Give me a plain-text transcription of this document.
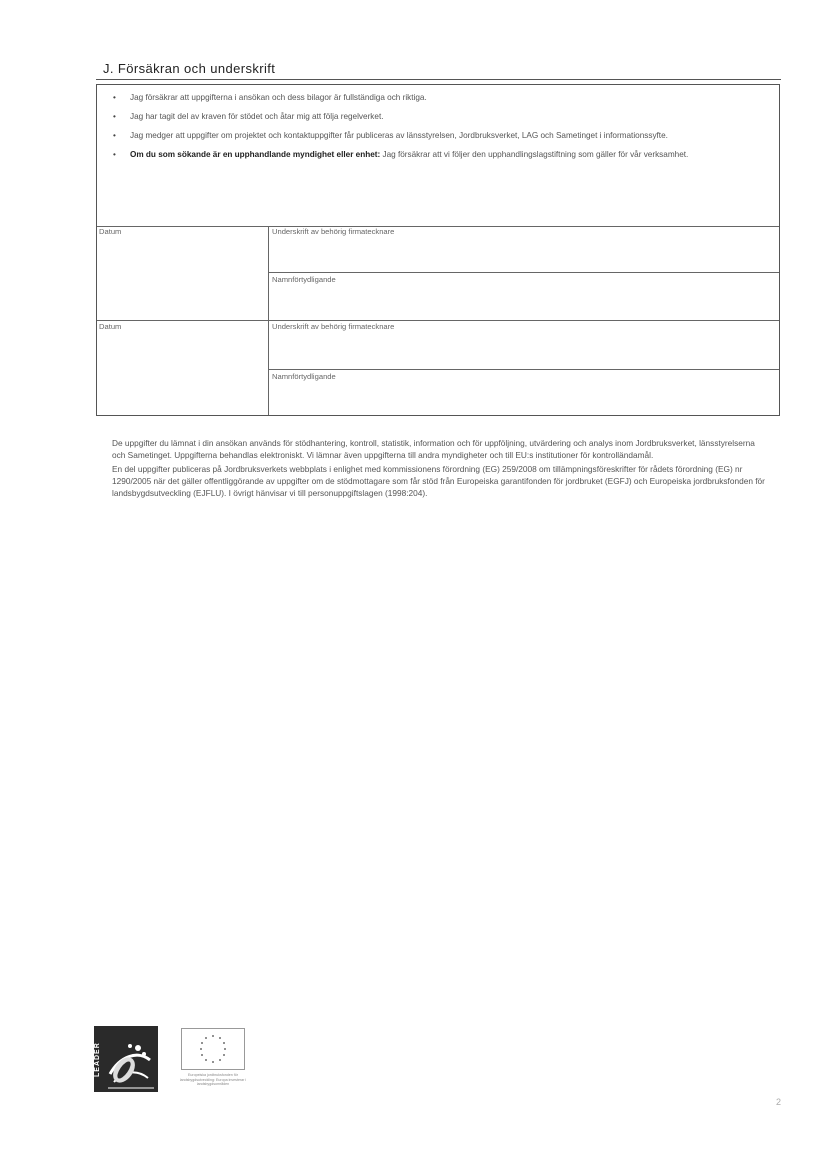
J. Försäkran och underskrift
• Jag försäkrar att uppgifterna i ansökan och dess bilagor är fullständiga och riktiga.
• Jag har tagit del av kraven för stödet och åtar mig att följa regelverket.
• Jag medger att uppgifter om projektet och kontaktuppgifter får publiceras av länsstyrelsen, Jordbruksverket, LAG och Sametinget i informationssyfte.
• Om du som sökande är en upphandlande myndighet eller enhet: Jag försäkrar att vi följer den upphandlingslagstiftning som gäller för vår verksamhet.
Datum	Underskrift av behörig firmatecknare
Namnförtydligande
Datum	Underskrift av behörig firmatecknare
Namnförtydligande

De uppgifter du lämnat i din ansökan används för stödhantering, kontroll, statistik, information och för uppföljning, utvärdering och analys inom Jordbruksverket, länsstyrelserna och Sametinget. Uppgifterna behandlas elektroniskt. Vi lämnar även uppgifterna till andra myndigheter och till EU:s institutioner för kontrolländamål.

En del uppgifter publiceras på Jordbruksverkets webbplats i enlighet med kommissionens förordning (EG) 259/2008 om tillämpningsföreskrifter för rådets förordning (EG) nr 1290/2005 när det gäller offentliggörande av uppgifter om de stödmottagare som får stöd från Europeiska garantifonden för jordbruket (EGFJ) och Europeiska jordbruksfonden för landsbygdsutveckling (EJFLU). I övrigt hänvisar vi till personuppgiftslagen (1998:204).

LEADER	Europeiska jordbruksfonden för landsbygdsutveckling: Europa investerar i landsbygdsområden
2
